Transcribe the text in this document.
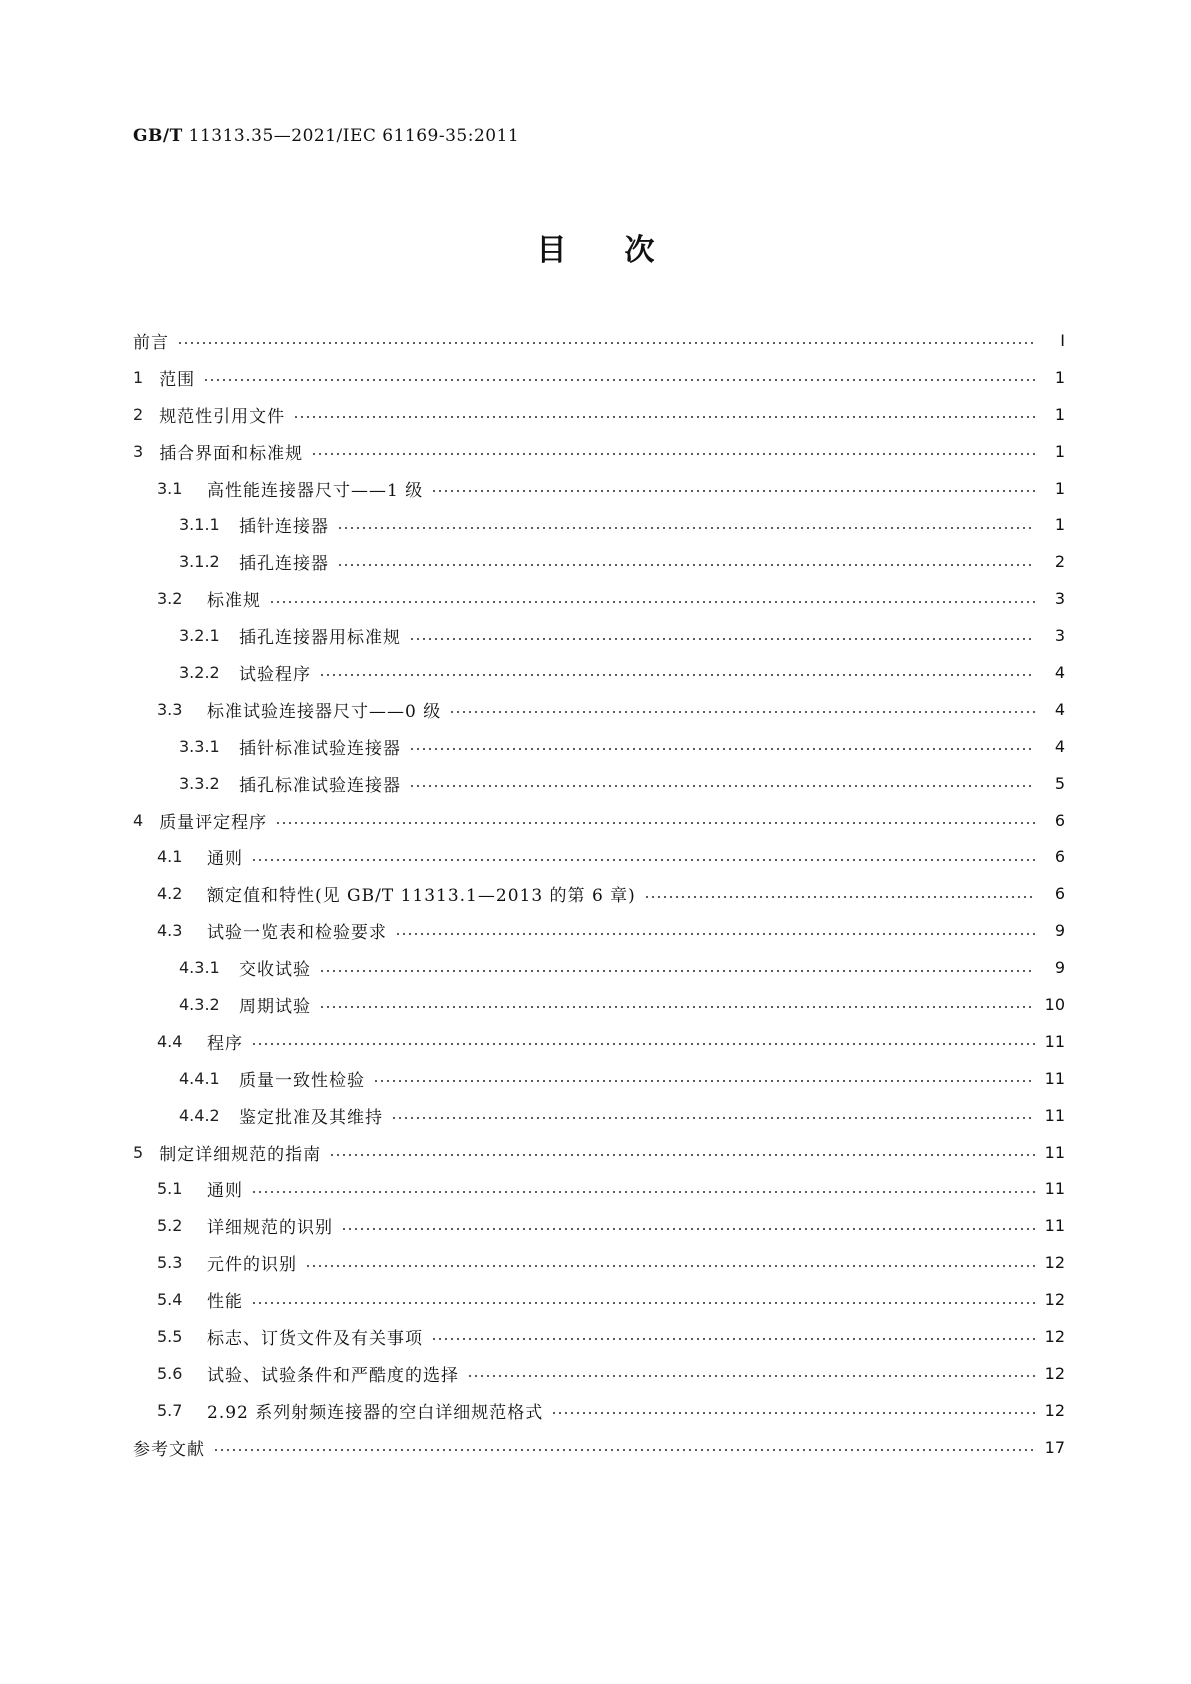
GB/T 11313.35—2021/IEC 61169-35:2011
目 次
前言	Ⅰ
1 范围	1
2 规范性引用文件	1
3 插合界面和标准规	1
3.1	高性能连接器尺寸——1 级	1
3.1.1	插针连接器	1
3.1.2	插孔连接器	2
3.2	标准规	3
3.2.1	插孔连接器用标准规	3
3.2.2	试验程序	4
3.3	标准试验连接器尺寸——0 级	4
3.3.1	插针标准试验连接器	4
3.3.2	插孔标准试验连接器	5
4 质量评定程序	6
4.1	通则	6
4.2	额定值和特性(见 GB/T 11313.1—2013 的第 6 章)	6
4.3	试验一览表和检验要求	9
4.3.1	交收试验	9
4.3.2	周期试验	10
4.4	程序	11
4.4.1	质量一致性检验	11
4.4.2	鉴定批准及其维持	11
5 制定详细规范的指南	11
5.1	通则	11
5.2	详细规范的识别	11
5.3	元件的识别	12
5.4	性能	12
5.5	标志、订货文件及有关事项	12
5.6	试验、试验条件和严酷度的选择	12
5.7	2.92 系列射频连接器的空白详细规范格式	12
参考文献	17
